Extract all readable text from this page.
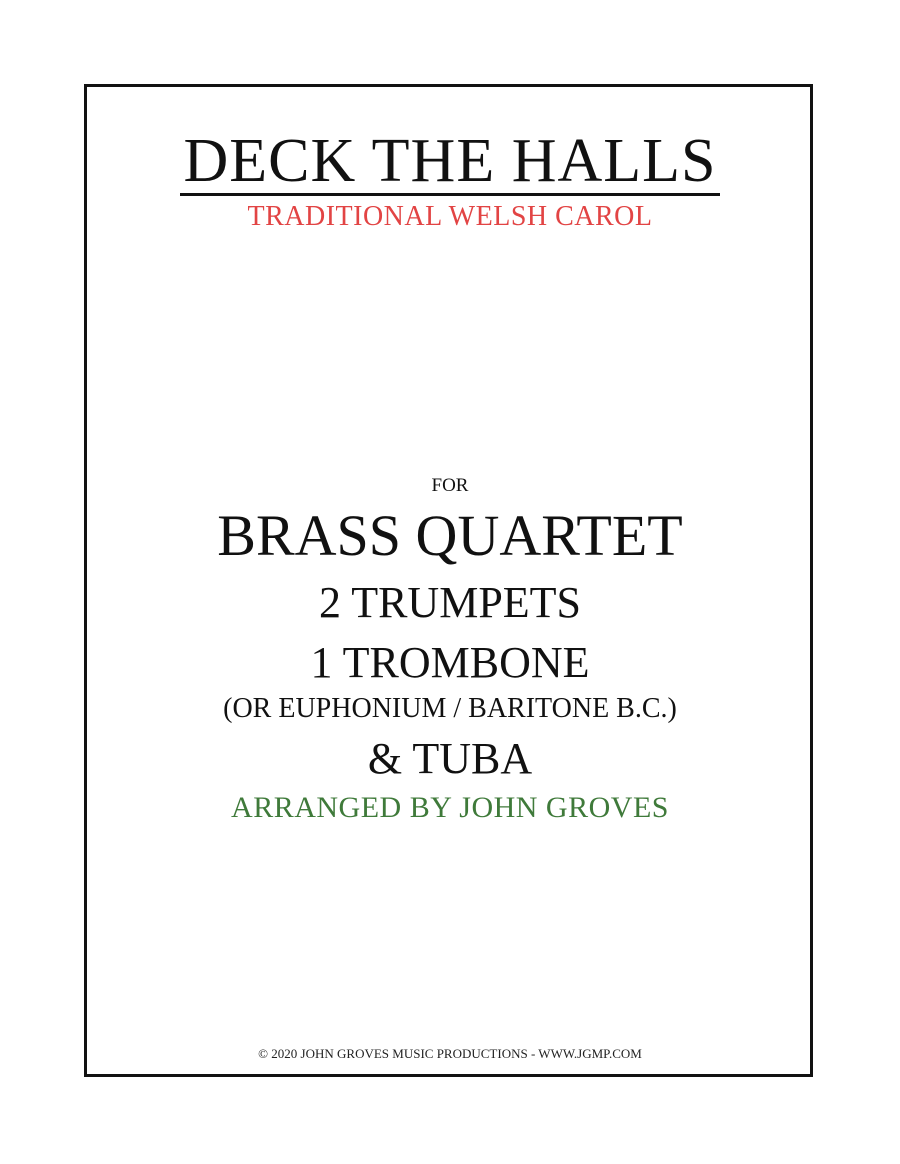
DECK THE HALLS
TRADITIONAL WELSH CAROL
FOR
BRASS QUARTET
2 TRUMPETS
1 TROMBONE
(OR EUPHONIUM / BARITONE B.C.)
& TUBA
ARRANGED BY JOHN GROVES
© 2020 JOHN GROVES MUSIC PRODUCTIONS - WWW.JGMP.COM
